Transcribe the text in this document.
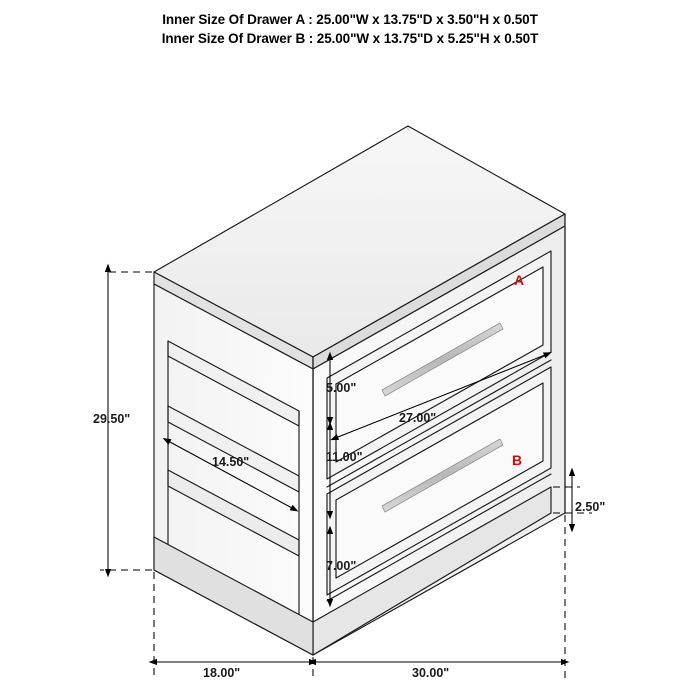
Inner Size Of Drawer A : 25.00"W x 13.75"D x 3.50"H x 0.50T
Inner Size Of Drawer B : 25.00"W x 13.75"D x 5.25"H x 0.50T
29.50"
14.50"
5.00"
11.00"
27.00"
7.00"
2.50"
18.00"	30.00"
A
B
